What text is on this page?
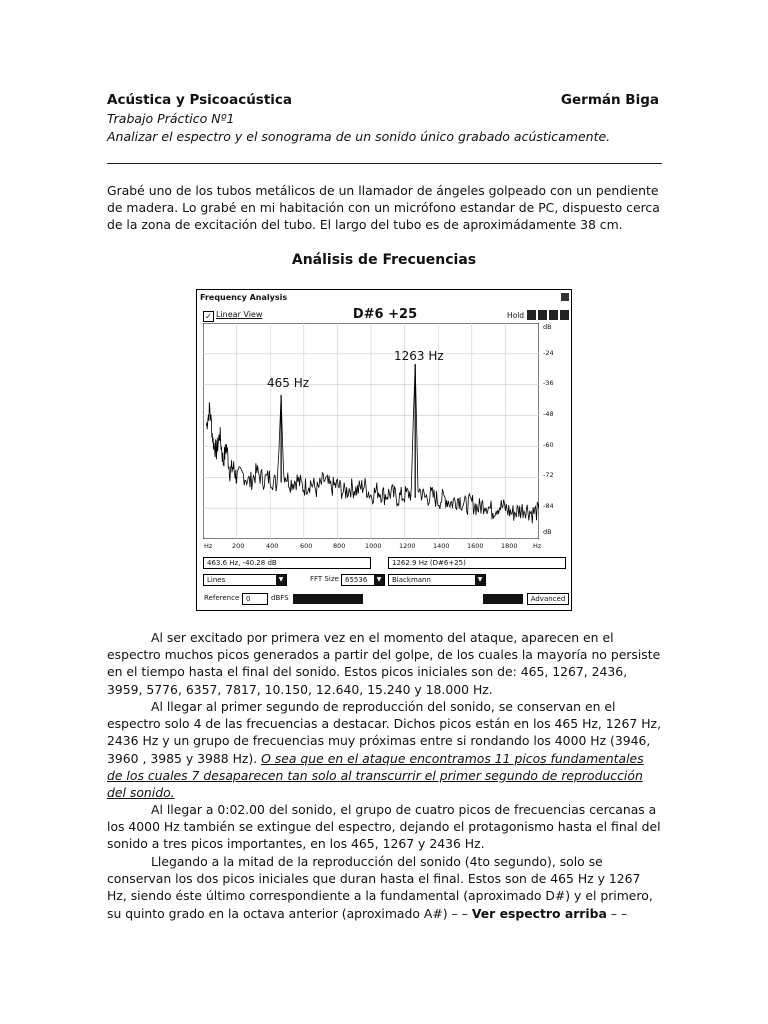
Acústica y Psicoacústica	Germán Biga
Trabajo Práctico Nº1
Analizar el espectro y el sonograma de un sonido único grabado acústicamente.
Grabé uno de los tubos metálicos de un llamador de ángeles golpeado con un pendiente de madera. Lo grabé en mi habitación con un micrófono estandar de PC, dispuesto cerca de la zona de excitación del tubo. El largo del tubo es de aproximádamente 38 cm.
Análisis de Frecuencias
Frequency Analysis
✓ Linear View	D#6 +25	Hold
465 Hz
1263 Hz
dB
-24
-36
-48
-60
-72
-84
dB
Hz	200	400	600	800	1000	1200	1400	1600	1800 Hz
463.6 Hz, -40.28 dB	1262.9 Hz (D#6+25)
Lines	▼	FFT Size 65536	▼	Blackmann	▼
Reference 0	dBFS	Advanced
Al ser excitado por primera vez en el momento del ataque, aparecen en el espectro muchos picos generados a partir del golpe, de los cuales la mayoría no persiste en el tiempo hasta el final del sonido. Estos picos iniciales son de: 465, 1267, 2436, 3959, 5776, 6357, 7817, 10.150, 12.640, 15.240 y 18.000 Hz.
Al llegar al primer segundo de reproducción del sonido, se conservan en el espectro solo 4 de las frecuencias a destacar. Dichos picos están en los 465 Hz, 1267 Hz, 2436 Hz y un grupo de frecuencias muy próximas entre si rondando los 4000 Hz (3946, 3960 , 3985 y 3988 Hz). O sea que en el ataque encontramos 11 picos fundamentales de los cuales 7 desaparecen tan solo al transcurrir el primer segundo de reproducción del sonido.
Al llegar a 0:02.00 del sonido, el grupo de cuatro picos de frecuencias cercanas a los 4000 Hz también se extingue del espectro, dejando el protagonismo hasta el final del sonido a tres picos importantes, en los 465, 1267 y 2436 Hz.
Llegando a la mitad de la reproducción del sonido (4to segundo), solo se conservan los dos picos iniciales que duran hasta el final. Estos son de 465 Hz y 1267 Hz, siendo éste último correspondiente a la fundamental (aproximado D#) y el primero, su quinto grado en la octava anterior (aproximado A#) – – Ver espectro arriba – –
